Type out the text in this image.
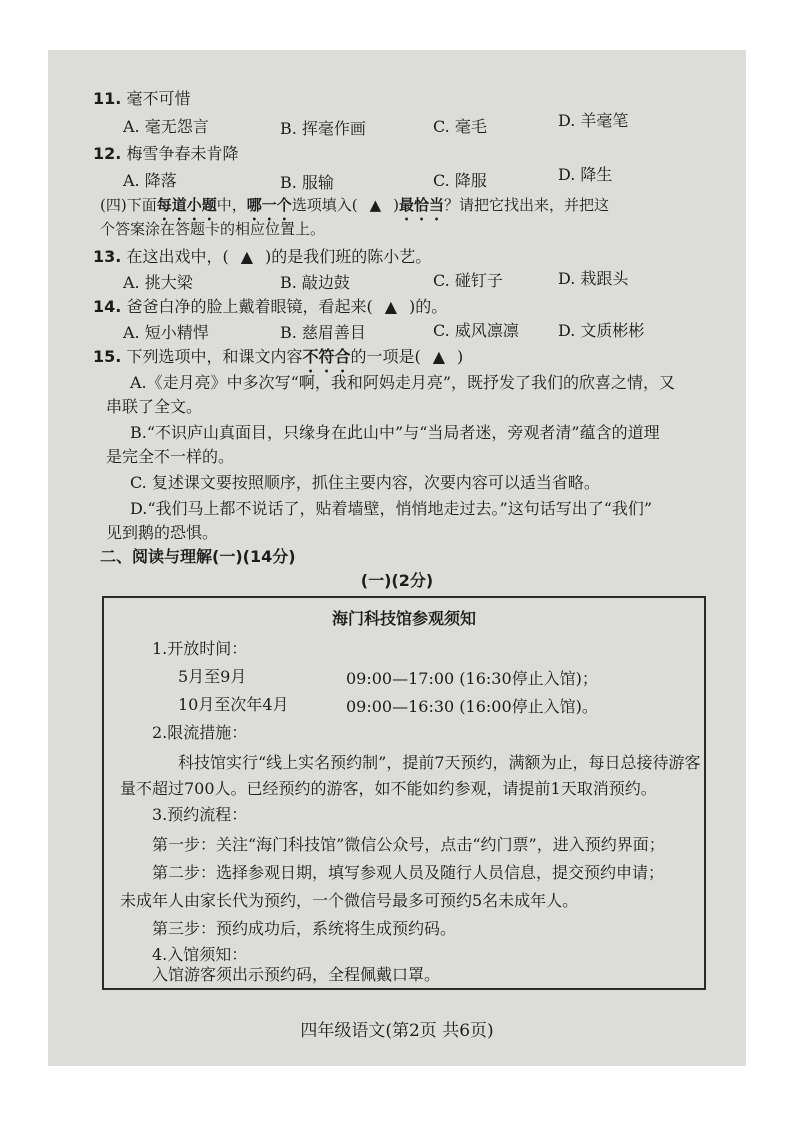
11. 毫不可惜
A. 毫无怨言	B. 挥毫作画	C. 毫毛	D. 羊毫笔
12. 梅雪争春未肯降
A. 降落	B. 服输	C. 降服	D. 降生
(四)下面每道小题中，哪一个选项填入( ▲ )最恰当？请把它找出来，并把这
个答案涂在答题卡的相应位置上。
13. 在这出戏中，( ▲ )的是我们班的陈小艺。
A. 挑大梁	B. 敲边鼓	C. 碰钉子	D. 栽跟头
14. 爸爸白净的脸上戴着眼镜，看起来( ▲ )的。
A. 短小精悍	B. 慈眉善目	C. 威风凛凛 D. 文质彬彬
15. 下列选项中，和课文内容不符合的一项是( ▲ )
A.《走月亮》中多次写“啊，我和阿妈走月亮”，既抒发了我们的欣喜之情，又
串联了全文。
B.“不识庐山真面目，只缘身在此山中”与“当局者迷，旁观者清”蕴含的道理
是完全不一样的。
C. 复述课文要按照顺序，抓住主要内容，次要内容可以适当省略。
D.“我们马上都不说话了，贴着墙壁，悄悄地走过去。”这句话写出了“我们”
见到鹅的恐惧。
二、阅读与理解(一)(14分)
(一)(2分)
海门科技馆参观须知
1.开放时间：
5月至9月	09:00—17:00 (16:30停止入馆)；
10月至次年4月	09:00—16:30 (16:00停止入馆)。
2.限流措施：
科技馆实行“线上实名预约制”，提前7天预约，满额为止，每日总接待游客
量不超过700人。已经预约的游客，如不能如约参观，请提前1天取消预约。
3.预约流程：
第一步：关注“海门科技馆”微信公众号，点击“约门票”，进入预约界面；
第二步：选择参观日期，填写参观人员及随行人员信息，提交预约申请；
未成年人由家长代为预约，一个微信号最多可预约5名未成年人。
第三步：预约成功后，系统将生成预约码。
4.入馆须知：
入馆游客须出示预约码，全程佩戴口罩。
四年级语文(第2页 共6页)
